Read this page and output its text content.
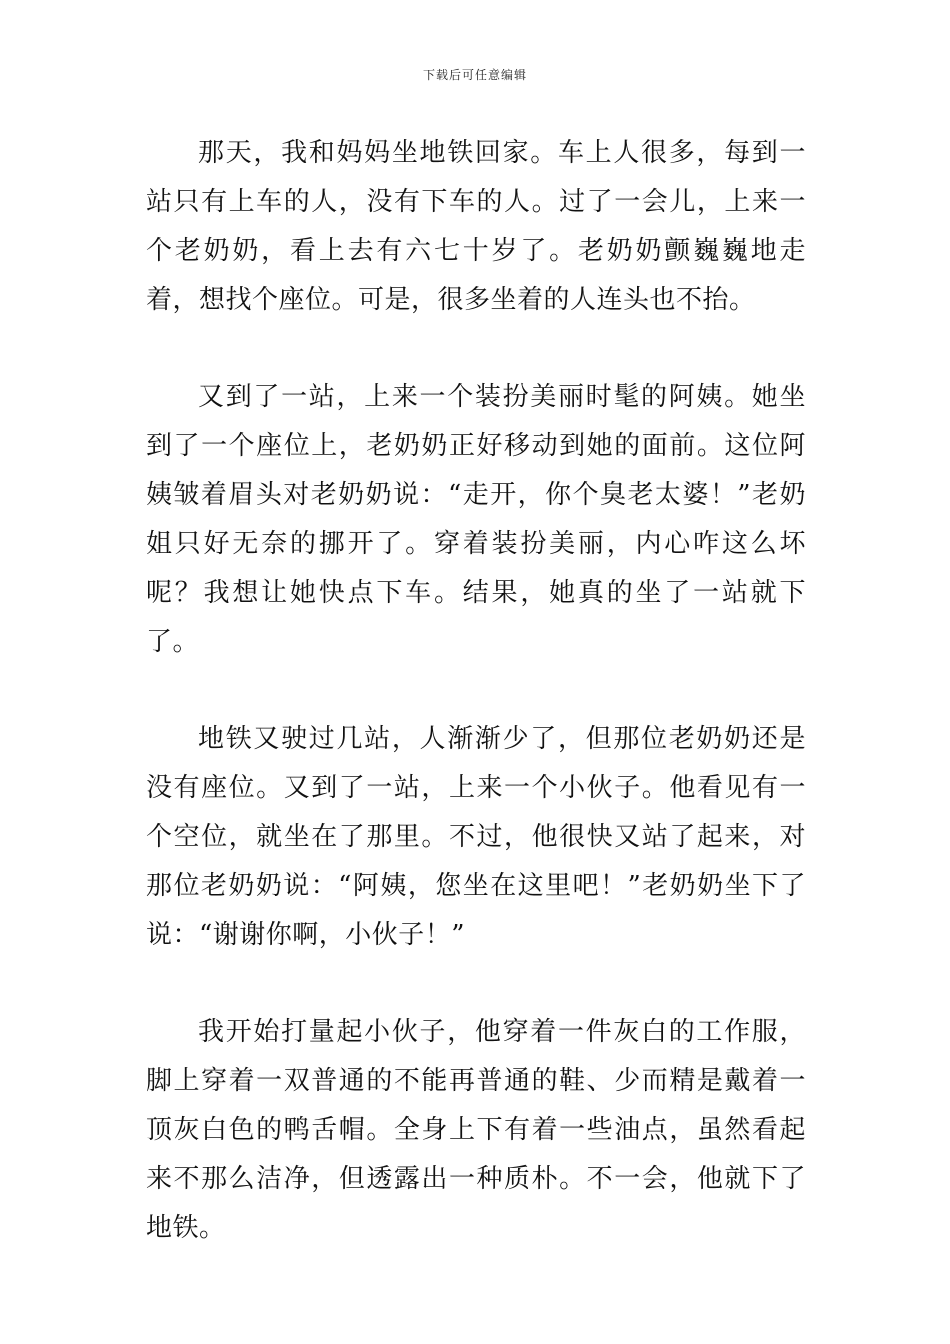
下载后可任意编辑

那天，我和妈妈坐地铁回家。车上人很多，每到一站只有上车的人，没有下车的人。过了一会儿，上来一个老奶奶，看上去有六七十岁了。老奶奶颤巍巍地走着，想找个座位。可是，很多坐着的人连头也不抬。

又到了一站，上来一个装扮美丽时髦的阿姨。她坐到了一个座位上，老奶奶正好移动到她的面前。这位阿姨皱着眉头对老奶奶说：“走开，你个臭老太婆！”老奶姐只好无奈的挪开了。穿着装扮美丽，内心咋这么坏呢？我想让她快点下车。结果，她真的坐了一站就下了。

地铁又驶过几站，人渐渐少了，但那位老奶奶还是没有座位。又到了一站，上来一个小伙子。他看见有一个空位，就坐在了那里。不过，他很快又站了起来，对那位老奶奶说：“阿姨，您坐在这里吧！”老奶奶坐下了说：“谢谢你啊，小伙子！”

我开始打量起小伙子，他穿着一件灰白的工作服，脚上穿着一双普通的不能再普通的鞋、少而精是戴着一顶灰白色的鸭舌帽。全身上下有着一些油点，虽然看起来不那么洁净，但透露出一种质朴。不一会，他就下了地铁。
